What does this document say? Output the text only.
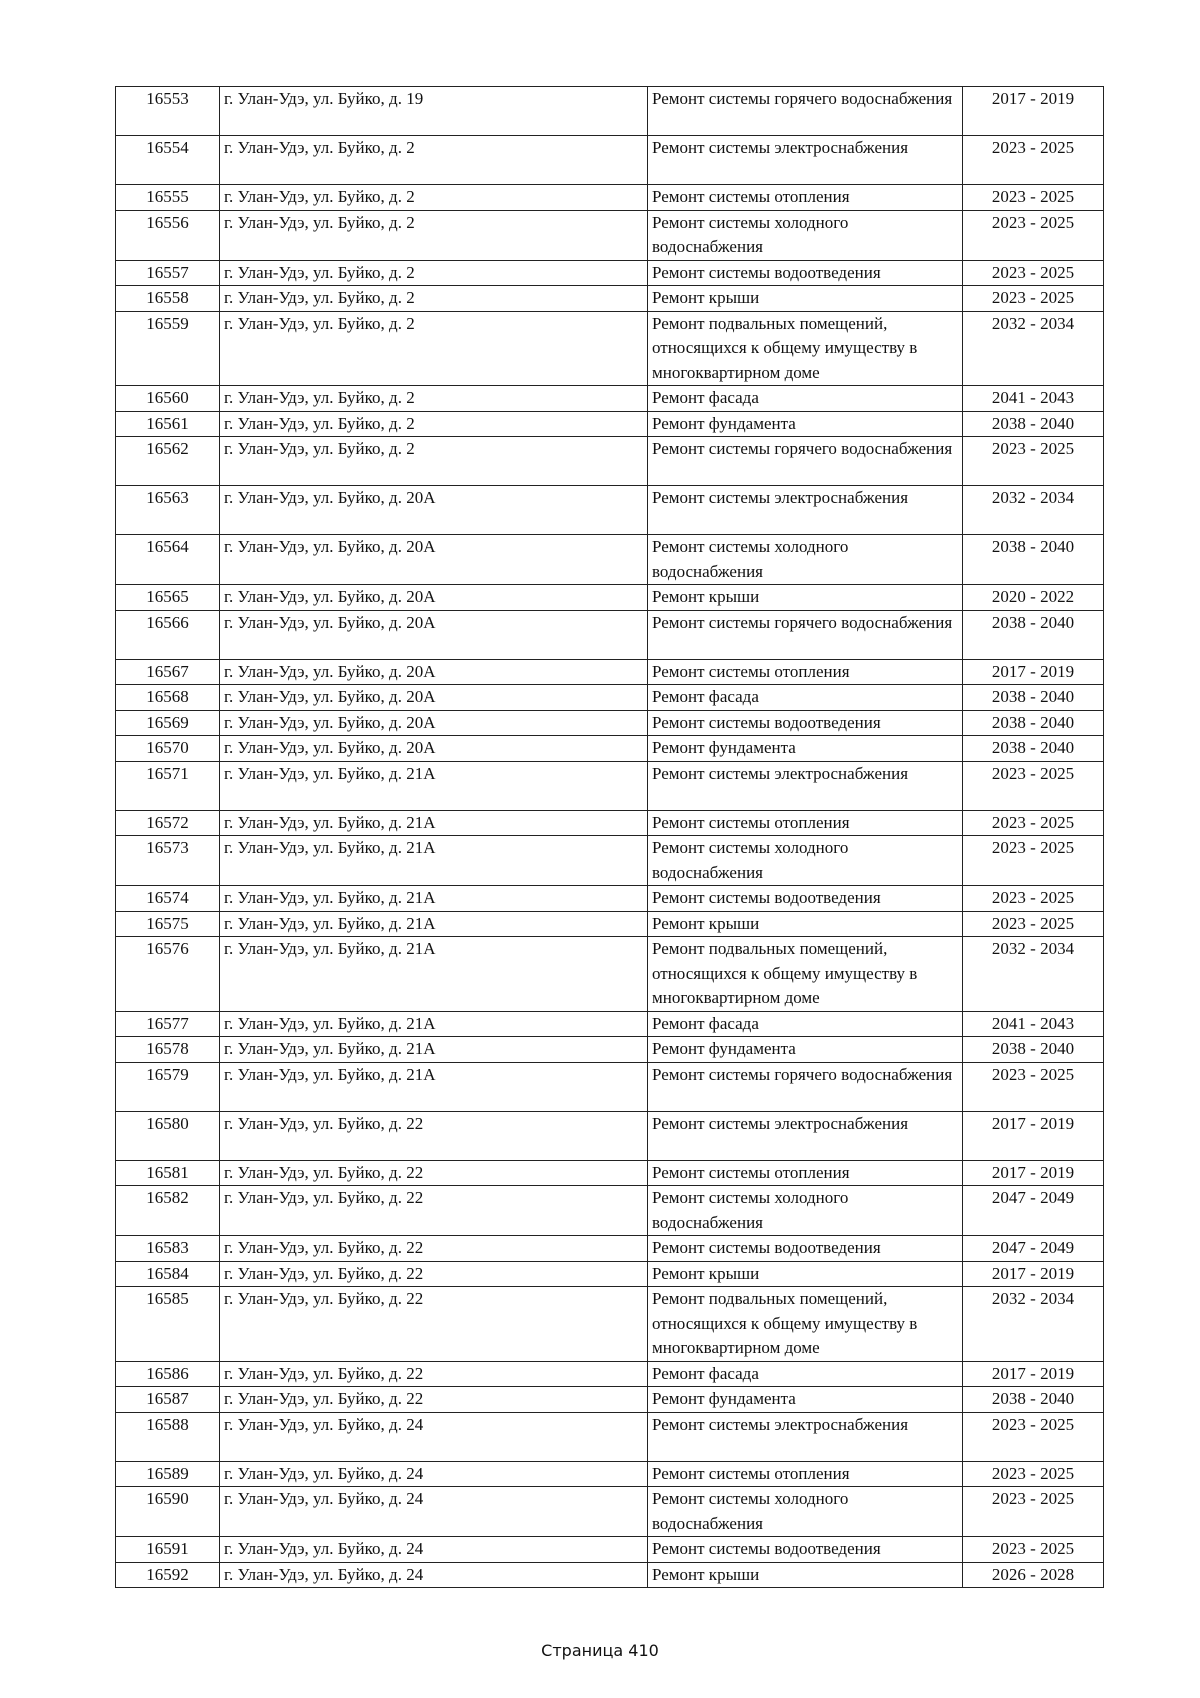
16553	г. Улан-Удэ, ул. Буйко, д. 19	Ремонт системы горячего водоснабжения	2017 - 2019
16554	г. Улан-Удэ, ул. Буйко, д. 2	Ремонт системы электроснабжения	2023 - 2025
16555	г. Улан-Удэ, ул. Буйко, д. 2	Ремонт системы отопления	2023 - 2025
16556	г. Улан-Удэ, ул. Буйко, д. 2	Ремонт системы холодного водоснабжения	2023 - 2025
16557	г. Улан-Удэ, ул. Буйко, д. 2	Ремонт системы водоотведения	2023 - 2025
16558	г. Улан-Удэ, ул. Буйко, д. 2	Ремонт крыши	2023 - 2025
16559	г. Улан-Удэ, ул. Буйко, д. 2	Ремонт подвальных помещений, относящихся к общему имуществу в многоквартирном доме	2032 - 2034
16560	г. Улан-Удэ, ул. Буйко, д. 2	Ремонт фасада	2041 - 2043
16561	г. Улан-Удэ, ул. Буйко, д. 2	Ремонт фундамента	2038 - 2040
16562	г. Улан-Удэ, ул. Буйко, д. 2	Ремонт системы горячего водоснабжения	2023 - 2025
16563	г. Улан-Удэ, ул. Буйко, д. 20А	Ремонт системы электроснабжения	2032 - 2034
16564	г. Улан-Удэ, ул. Буйко, д. 20А	Ремонт системы холодного водоснабжения	2038 - 2040
16565	г. Улан-Удэ, ул. Буйко, д. 20А	Ремонт крыши	2020 - 2022
16566	г. Улан-Удэ, ул. Буйко, д. 20А	Ремонт системы горячего водоснабжения	2038 - 2040
16567	г. Улан-Удэ, ул. Буйко, д. 20А	Ремонт системы отопления	2017 - 2019
16568	г. Улан-Удэ, ул. Буйко, д. 20А	Ремонт фасада	2038 - 2040
16569	г. Улан-Удэ, ул. Буйко, д. 20А	Ремонт системы водоотведения	2038 - 2040
16570	г. Улан-Удэ, ул. Буйко, д. 20А	Ремонт фундамента	2038 - 2040
16571	г. Улан-Удэ, ул. Буйко, д. 21А	Ремонт системы электроснабжения	2023 - 2025
16572	г. Улан-Удэ, ул. Буйко, д. 21А	Ремонт системы отопления	2023 - 2025
16573	г. Улан-Удэ, ул. Буйко, д. 21А	Ремонт системы холодного водоснабжения	2023 - 2025
16574	г. Улан-Удэ, ул. Буйко, д. 21А	Ремонт системы водоотведения	2023 - 2025
16575	г. Улан-Удэ, ул. Буйко, д. 21А	Ремонт крыши	2023 - 2025
16576	г. Улан-Удэ, ул. Буйко, д. 21А	Ремонт подвальных помещений, относящихся к общему имуществу в многоквартирном доме	2032 - 2034
16577	г. Улан-Удэ, ул. Буйко, д. 21А	Ремонт фасада	2041 - 2043
16578	г. Улан-Удэ, ул. Буйко, д. 21А	Ремонт фундамента	2038 - 2040
16579	г. Улан-Удэ, ул. Буйко, д. 21А	Ремонт системы горячего водоснабжения	2023 - 2025
16580	г. Улан-Удэ, ул. Буйко, д. 22	Ремонт системы электроснабжения	2017 - 2019
16581	г. Улан-Удэ, ул. Буйко, д. 22	Ремонт системы отопления	2017 - 2019
16582	г. Улан-Удэ, ул. Буйко, д. 22	Ремонт системы холодного водоснабжения	2047 - 2049
16583	г. Улан-Удэ, ул. Буйко, д. 22	Ремонт системы водоотведения	2047 - 2049
16584	г. Улан-Удэ, ул. Буйко, д. 22	Ремонт крыши	2017 - 2019
16585	г. Улан-Удэ, ул. Буйко, д. 22	Ремонт подвальных помещений, относящихся к общему имуществу в многоквартирном доме	2032 - 2034
16586	г. Улан-Удэ, ул. Буйко, д. 22	Ремонт фасада	2017 - 2019
16587	г. Улан-Удэ, ул. Буйко, д. 22	Ремонт фундамента	2038 - 2040
16588	г. Улан-Удэ, ул. Буйко, д. 24	Ремонт системы электроснабжения	2023 - 2025
16589	г. Улан-Удэ, ул. Буйко, д. 24	Ремонт системы отопления	2023 - 2025
16590	г. Улан-Удэ, ул. Буйко, д. 24	Ремонт системы холодного водоснабжения	2023 - 2025
16591	г. Улан-Удэ, ул. Буйко, д. 24	Ремонт системы водоотведения	2023 - 2025
16592	г. Улан-Удэ, ул. Буйко, д. 24	Ремонт крыши	2026 - 2028
Страница 410
